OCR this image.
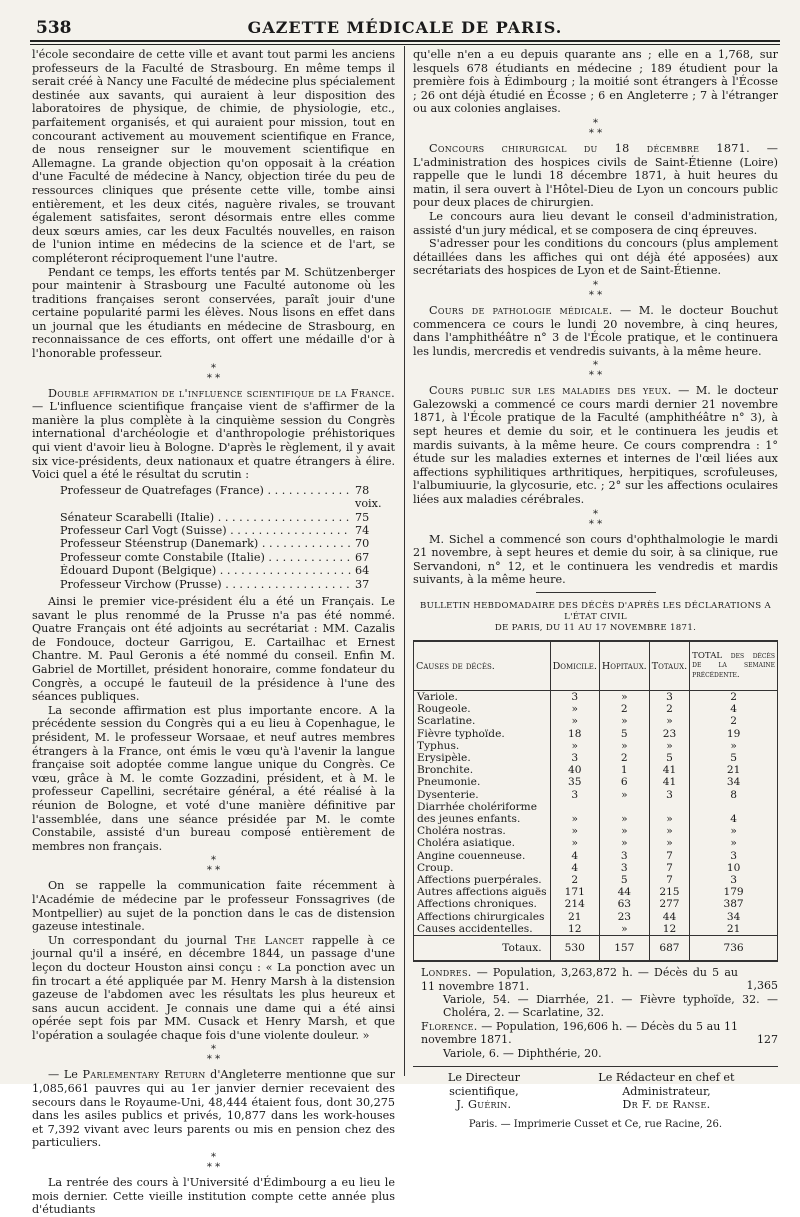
538	GAZETTE MÉDICALE DE PARIS.

l'école secondaire de cette ville et avant tout parmi les anciens professeurs de la Faculté de Strasbourg. En même temps il serait créé à Nancy une Faculté de médecine plus spécialement destinée aux savants, qui auraient à leur disposition des laboratoires de physique, de chimie, de physiologie, etc., parfaitement organisés, et qui auraient pour mission, tout en concourant activement au mouvement scientifique en France, de nous renseigner sur le mouvement scientifique en Allemagne. La grande objection qu'on opposait à la création d'une Faculté de médecine à Nancy, objection tirée du peu de ressources cliniques que présente cette ville, tombe ainsi entièrement, et les deux cités, naguère rivales, se trouvant également satisfaites, seront désormais entre elles comme deux sœurs amies, car les deux Facultés nouvelles, en raison de l'union intime en médecins de la science et de l'art, se compléteront réciproquement l'une l'autre.

Pendant ce temps, les efforts tentés par M. Schützenberger pour maintenir à Strasbourg une Faculté autonome où les traditions françaises seront conservées, paraît jouir d'une certaine popularité parmi les élèves. Nous lisons en effet dans un journal que les étudiants en médecine de Strasbourg, en reconnaissance de ces efforts, ont offert une médaille d'or à l'honorable professeur.

*
* *

Double affirmation de l'influence scientifique de la France. — L'influence scientifique française vient de s'affirmer de la manière la plus complète à la cinquième session du Congrès international d'archéologie et d'anthropologie préhistoriques qui vient d'avoir lieu à Bologne. D'après le règlement, il y avait six vice-présidents, deux nationaux et quatre étrangers à élire. Voici quel a été le résultat du scrutin :

Professeur de Quatrefages (France) . . .	78 voix.
Sénateur Scarabelli (Italie) . . .	75
Professeur Carl Vogt (Suisse) . . .	74
Professeur Stéenstrup (Danemark) . . .	70
Professeur comte Constabile (Italie) . . .	67
Édouard Dupont (Belgique) . . .	64
Professeur Virchow (Prusse) . . .	37

Ainsi le premier vice-président élu a été un Français. Le savant le plus renommé de la Prusse n'a pas été nommé. Quatre Français ont été adjoints au secrétariat : MM. Cazalis de Fondouce, docteur Garrigou, E. Cartailhac et Ernest Chantre. M. Paul Geronis a été nommé du conseil. Enfin M. Gabriel de Mortillet, président honoraire, comme fondateur du Congrès, a occupé le fauteuil de la présidence à l'une des séances publiques.

La seconde affirmation est plus importante encore. A la précédente session du Congrès qui a eu lieu à Copenhague, le président, M. le professeur Worsaae, et neuf autres membres étrangers à la France, ont émis le vœu qu'à l'avenir la langue française soit adoptée comme langue unique du Congrès. Ce vœu, grâce à M. le comte Gozzadini, président, et à M. le professeur Capellini, secrétaire général, a été réalisé à la réunion de Bologne, et voté d'une manière définitive par l'assemblée, dans une séance présidée par M. le comte Constabile, assisté d'un bureau composé entièrement de membres non français.

*
* *

On se rappelle la communication faite récemment à l'Académie de médecine par le professeur Fonssagrives (de Montpellier) au sujet de la ponction dans le cas de distension gazeuse intestinale.

Un correspondant du journal The Lancet rappelle à ce journal qu'il a inséré, en décembre 1844, un passage d'une leçon du docteur Houston ainsi conçu : « La ponction avec un fin trocart a été appliquée par M. Henry Marsh à la distension gazeuse de l'abdomen avec les résultats les plus heureux et sans aucun accident. Je connais une dame qui a été ainsi opérée sept fois par MM. Cusack et Henry Marsh, et que l'opération a soulagée chaque fois d'une violente douleur. »

*
* *

— Le Parlementary Return d'Angleterre mentionne que sur 1,085,661 pauvres qui au 1er janvier dernier recevaient des secours dans le Royaume-Uni, 48,444 étaient fous, dont 30,275 dans les asiles publics et privés, 10,877 dans les work-houses et 7,392 vivant avec leurs parents ou mis en pension chez des particuliers.

*
* *

La rentrée des cours à l'Université d'Édimbourg a eu lieu le mois dernier. Cette vieille institution compte cette année plus d'étudiants

qu'elle n'en a eu depuis quarante ans ; elle en a 1,768, sur lesquels 678 étudiants en médecine ; 189 étudient pour la première fois à Édimbourg ; la moitié sont étrangers à l'Écosse ; 26 ont déjà étudié en Écosse ; 6 en Angleterre ; 7 à l'étranger ou aux colonies anglaises.

*
* *

Concours chirurgical du 18 décembre 1871. — L'administration des hospices civils de Saint-Étienne (Loire) rappelle que le lundi 18 décembre 1871, à huit heures du matin, il sera ouvert à l'Hôtel-Dieu de Lyon un concours public pour deux places de chirurgien.

Le concours aura lieu devant le conseil d'administration, assisté d'un jury médical, et se composera de cinq épreuves.

S'adresser pour les conditions du concours (plus amplement détaillées dans les affiches qui ont déjà été apposées) aux secrétariats des hospices de Lyon et de Saint-Étienne.

*
* *

Cours de pathologie médicale. — M. le docteur Bouchut commencera ce cours le lundi 20 novembre, à cinq heures, dans l'amphithéâtre n° 3 de l'École pratique, et le continuera les lundis, mercredis et vendredis suivants, à la même heure.

*
* *

Cours public sur les maladies des yeux. — M. le docteur Galezowski a commencé ce cours mardi dernier 21 novembre 1871, à l'École pratique de la Faculté (amphithéâtre n° 3), à sept heures et demie du soir, et le continuera les jeudis et mardis suivants, à la même heure. Ce cours comprendra : 1° étude sur les maladies externes et internes de l'œil liées aux affections syphilitiques arthritiques, herpitiques, scrofuleuses, l'albumiuurie, la glycosurie, etc. ; 2° sur les affections oculaires liées aux maladies cérébrales.

*
* *

M. Sichel a commencé son cours d'ophthalmologie le mardi 21 novembre, à sept heures et demie du soir, à sa clinique, rue Servandoni, n° 12, et le continuera les vendredis et mardis suivants, à la même heure.

BULLETIN HEBDOMADAIRE DES DÉCÈS D'APRÈS LES DÉCLARATIONS A L'ÉTAT CIVIL
DE PARIS, DU 11 AU 17 NOVEMBRE 1871.
Causes de décès.	Domicile.	Hopitaux.	Totaux.	TOTAL des décès de la semaine précédente.
Variole.	3	»	3	2
Rougeole.	»	2	2	4
Scarlatine.	»	»	»	2
Fièvre typhoïde.	18	5	23	19
Typhus.	»	»	»	»
Erysipèle.	3	2	5	5
Bronchite.	40	1	41	21
Pneumonie.	35	6	41	34
Dysenterie.	3	»	3	8
Diarrhée cholériforme				
des jeunes enfants.	»	»	»	4
Choléra nostras.	»	»	»	»
Choléra asiatique.	»	»	»	»
Angine couenneuse.	4	3	7	3
Croup.	4	3	7	10
Affections puerpérales.	2	5	7	3
Autres affections aiguës	171	44	215	179
Affections chroniques.	214	63	277	387
Affections chirurgicales	21	23	44	34
Causes accidentelles.	12	»	12	21
Totaux.	530	157	687	736
Londres. — Population, 3,263,872 h. — Décès du 5 au 11 novembre 1871.	1,365
Variole, 54. — Diarrhée, 21. — Fièvre typhoïde, 32. — Choléra, 2. — Scarlatine, 32.
Florence. — Population, 196,606 h. — Décès du 5 au 11 novembre 1871.	127
Variole, 6. — Diphthérie, 20.
Le Directeur scientifique,
J. Guérin.
Le Rédacteur en chef et Administrateur,
Dr F. de Ranse.
Paris. — Imprimerie Cusset et Ce, rue Racine, 26.
